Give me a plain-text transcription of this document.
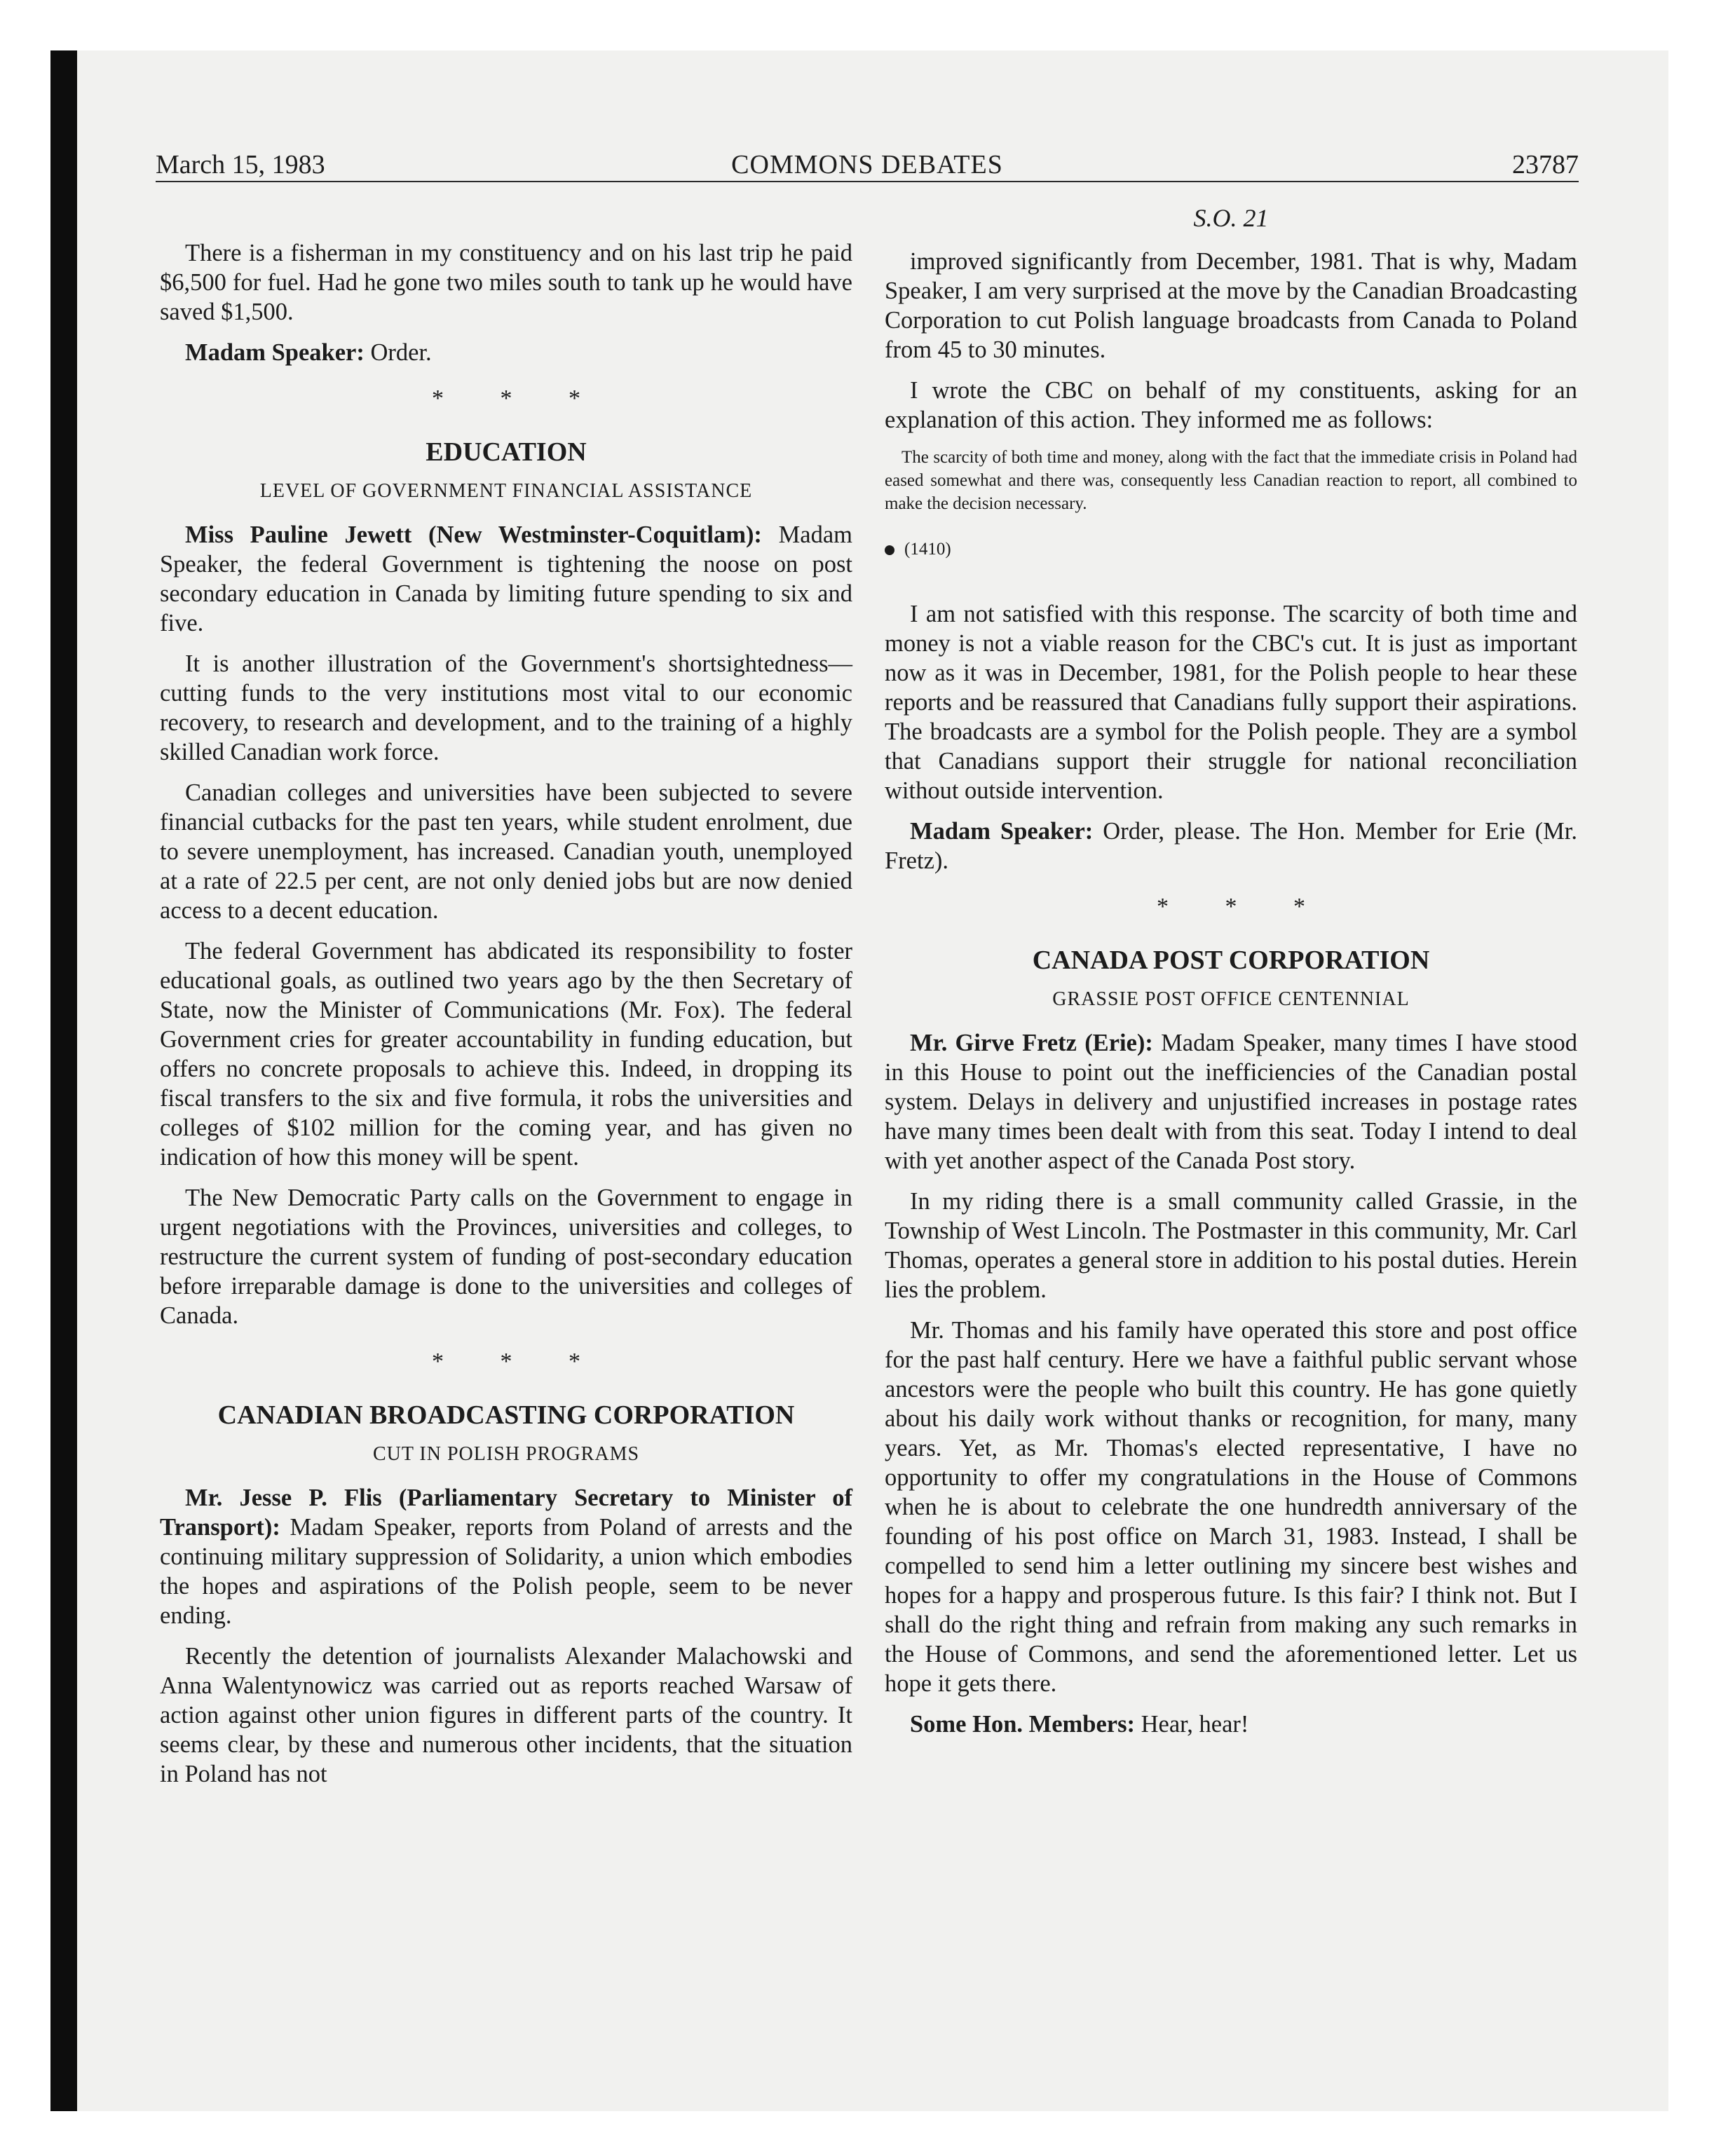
March 15, 1983	COMMONS DEBATES	23787

There is a fisherman in my constituency and on his last trip he paid $6,500 for fuel. Had he gone two miles south to tank up he would have saved $1,500.

Madam Speaker: Order.

* * *
EDUCATION
LEVEL OF GOVERNMENT FINANCIAL ASSISTANCE

Miss Pauline Jewett (New Westminster-Coquitlam): Madam Speaker, the federal Government is tightening the noose on post secondary education in Canada by limiting future spending to six and five.

It is another illustration of the Government's shortsightedness—cutting funds to the very institutions most vital to our economic recovery, to research and development, and to the training of a highly skilled Canadian work force.

Canadian colleges and universities have been subjected to severe financial cutbacks for the past ten years, while student enrolment, due to severe unemployment, has increased. Canadian youth, unemployed at a rate of 22.5 per cent, are not only denied jobs but are now denied access to a decent education.

The federal Government has abdicated its responsibility to foster educational goals, as outlined two years ago by the then Secretary of State, now the Minister of Communications (Mr. Fox). The federal Government cries for greater accountability in funding education, but offers no concrete proposals to achieve this. Indeed, in dropping its fiscal transfers to the six and five formula, it robs the universities and colleges of $102 million for the coming year, and has given no indication of how this money will be spent.

The New Democratic Party calls on the Government to engage in urgent negotiations with the Provinces, universities and colleges, to restructure the current system of funding of post-secondary education before irreparable damage is done to the universities and colleges of Canada.

* * *
CANADIAN BROADCASTING CORPORATION
CUT IN POLISH PROGRAMS

Mr. Jesse P. Flis (Parliamentary Secretary to Minister of Transport): Madam Speaker, reports from Poland of arrests and the continuing military suppression of Solidarity, a union which embodies the hopes and aspirations of the Polish people, seem to be never ending.

Recently the detention of journalists Alexander Malachowski and Anna Walentynowicz was carried out as reports reached Warsaw of action against other union figures in different parts of the country. It seems clear, by these and numerous other incidents, that the situation in Poland has not

S.O. 21

improved significantly from December, 1981. That is why, Madam Speaker, I am very surprised at the move by the Canadian Broadcasting Corporation to cut Polish language broadcasts from Canada to Poland from 45 to 30 minutes.

I wrote the CBC on behalf of my constituents, asking for an explanation of this action. They informed me as follows:

The scarcity of both time and money, along with the fact that the immediate crisis in Poland had eased somewhat and there was, consequently less Canadian reaction to report, all combined to make the decision necessary.
(1410)

I am not satisfied with this response. The scarcity of both time and money is not a viable reason for the CBC's cut. It is just as important now as it was in December, 1981, for the Polish people to hear these reports and be reassured that Canadians fully support their aspirations. The broadcasts are a symbol for the Polish people. They are a symbol that Canadians support their struggle for national reconciliation without outside intervention.

Madam Speaker: Order, please. The Hon. Member for Erie (Mr. Fretz).

* * *
CANADA POST CORPORATION
GRASSIE POST OFFICE CENTENNIAL

Mr. Girve Fretz (Erie): Madam Speaker, many times I have stood in this House to point out the inefficiencies of the Canadian postal system. Delays in delivery and unjustified increases in postage rates have many times been dealt with from this seat. Today I intend to deal with yet another aspect of the Canada Post story.

In my riding there is a small community called Grassie, in the Township of West Lincoln. The Postmaster in this community, Mr. Carl Thomas, operates a general store in addition to his postal duties. Herein lies the problem.

Mr. Thomas and his family have operated this store and post office for the past half century. Here we have a faithful public servant whose ancestors were the people who built this country. He has gone quietly about his daily work without thanks or recognition, for many, many years. Yet, as Mr. Thomas's elected representative, I have no opportunity to offer my congratulations in the House of Commons when he is about to celebrate the one hundredth anniversary of the founding of his post office on March 31, 1983. Instead, I shall be compelled to send him a letter outlining my sincere best wishes and hopes for a happy and prosperous future. Is this fair? I think not. But I shall do the right thing and refrain from making any such remarks in the House of Commons, and send the aforementioned letter. Let us hope it gets there.

Some Hon. Members: Hear, hear!
